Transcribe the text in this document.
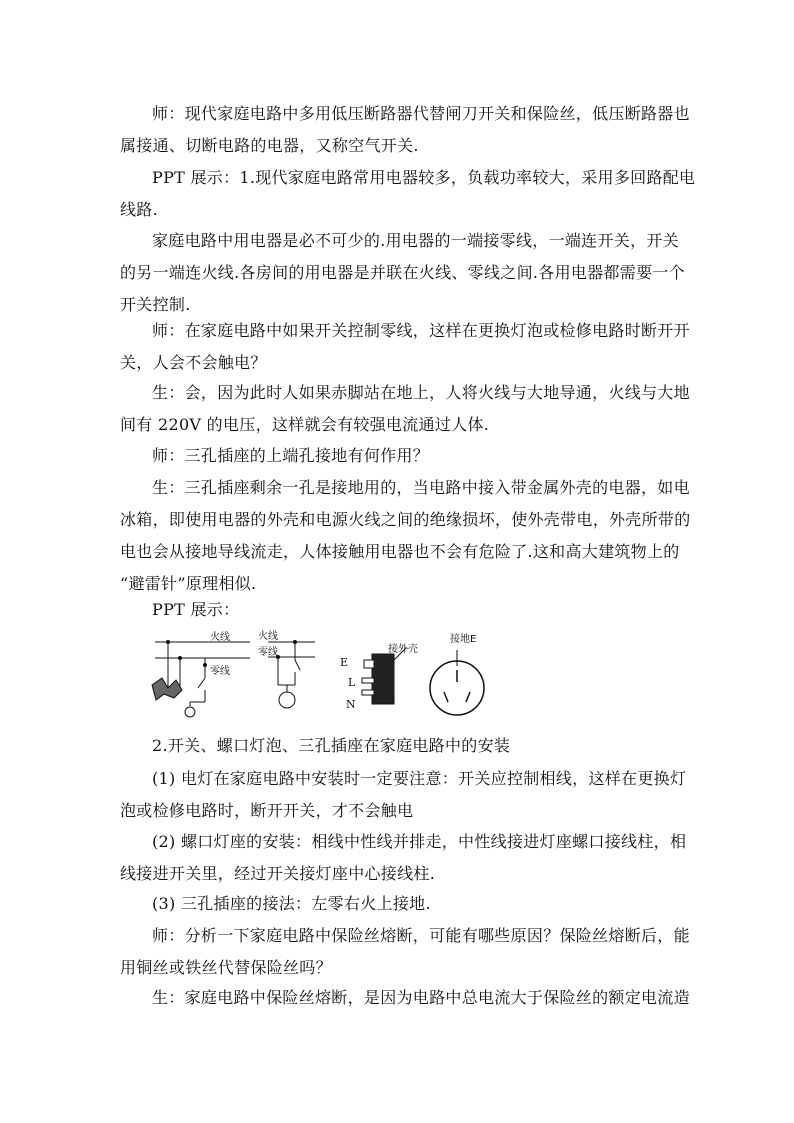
师：现代家庭电路中多用低压断路器代替闸刀开关和保险丝，低压断路器也
属接通、切断电路的电器，又称空气开关.
PPT 展示：1.现代家庭电路常用电器较多，负载功率较大，采用多回路配电
线路.
家庭电路中用电器是必不可少的.用电器的一端接零线，一端连开关，开关
的另一端连火线.各房间的用电器是并联在火线、零线之间.各用电器都需要一个
开关控制.
师：在家庭电路中如果开关控制零线，这样在更换灯泡或检修电路时断开开
关，人会不会触电？
生：会，因为此时人如果赤脚站在地上，人将火线与大地导通，火线与大地
间有 220V 的电压，这样就会有较强电流通过人体.
师：三孔插座的上端孔接地有何作用？
生：三孔插座剩余一孔是接地用的，当电路中接入带金属外壳的电器，如电
冰箱，即使用电器的外壳和电源火线之间的绝缘损坏，使外壳带电，外壳所带的
电也会从接地导线流走，人体接触用电器也不会有危险了.这和高大建筑物上的
“避雷针”原理相似.
PPT 展示：
火线
零线
火线
零线
E
L
N
接外壳
接地E
2.开关、螺口灯泡、三孔插座在家庭电路中的安装
(1) 电灯在家庭电路中安装时一定要注意：开关应控制相线，这样在更换灯
泡或检修电路时，断开开关，才不会触电
(2) 螺口灯座的安装：相线中性线并排走，中性线接进灯座螺口接线柱，相
线接进开关里，经过开关接灯座中心接线柱.
(3) 三孔插座的接法：左零右火上接地.
师：分析一下家庭电路中保险丝熔断，可能有哪些原因？保险丝熔断后，能
用铜丝或铁丝代替保险丝吗？
生：家庭电路中保险丝熔断，是因为电路中总电流大于保险丝的额定电流造
